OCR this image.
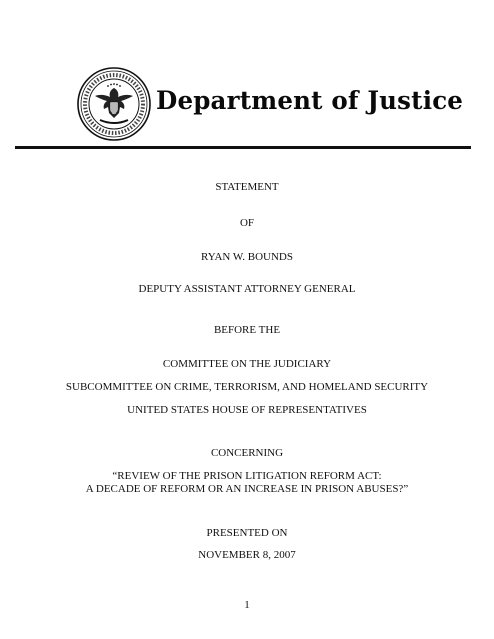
Department of Justice
STATEMENT
OF
RYAN W. BOUNDS
DEPUTY ASSISTANT ATTORNEY GENERAL
BEFORE THE
COMMITTEE ON THE JUDICIARY
SUBCOMMITTEE ON CRIME, TERRORISM, AND HOMELAND SECURITY
UNITED STATES HOUSE OF REPRESENTATIVES
CONCERNING
“REVIEW OF THE PRISON LITIGATION REFORM ACT:
A DECADE OF REFORM OR AN INCREASE IN PRISON ABUSES?”
PRESENTED ON
NOVEMBER 8, 2007
1
